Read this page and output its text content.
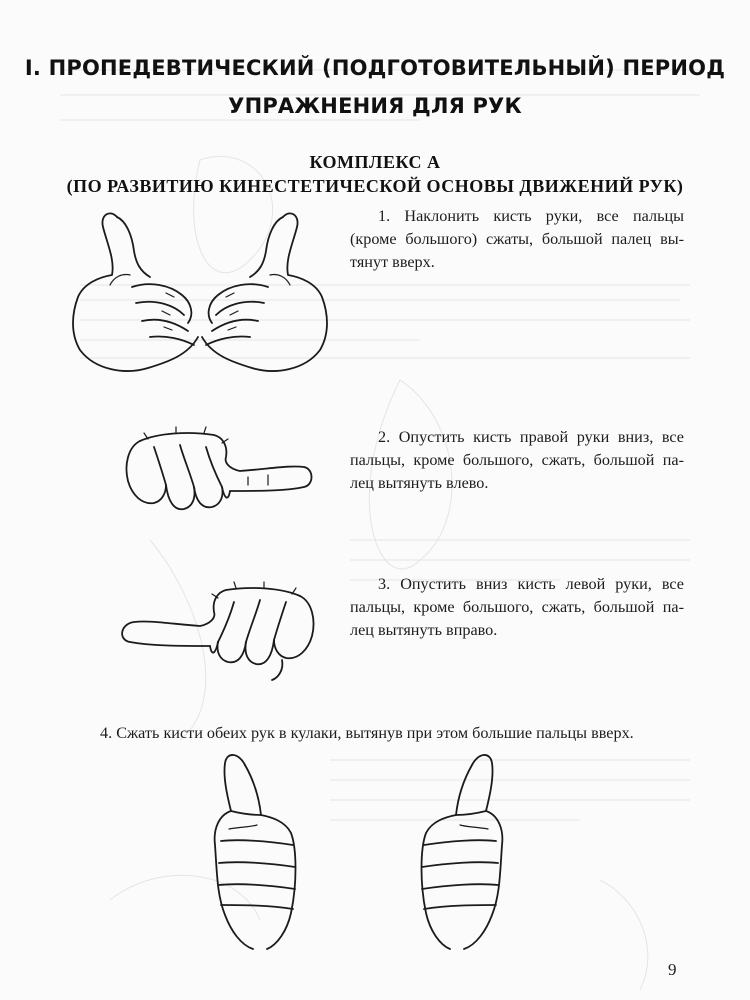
I. ПРОПЕДЕВТИЧЕСКИЙ (ПОДГОТОВИТЕЛЬНЫЙ) ПЕРИОД
УПРАЖНЕНИЯ ДЛЯ РУК
КОМПЛЕКС А
(ПО РАЗВИТИЮ КИНЕСТЕТИЧЕСКОЙ ОСНОВЫ ДВИЖЕНИЙ РУК)
1. Наклонить кисть руки, все пальцы
(кроме большого) сжаты, большой палец вы-
тянут вверх.
2. Опустить кисть правой руки вниз, все
пальцы, кроме большого, сжать, большой па-
лец вытянуть влево.
3. Опустить вниз кисть левой руки, все
пальцы, кроме большого, сжать, большой па-
лец вытянуть вправо.
4. Сжать кисти обеих рук в кулаки, вытянув при этом большие пальцы вверх.
9
